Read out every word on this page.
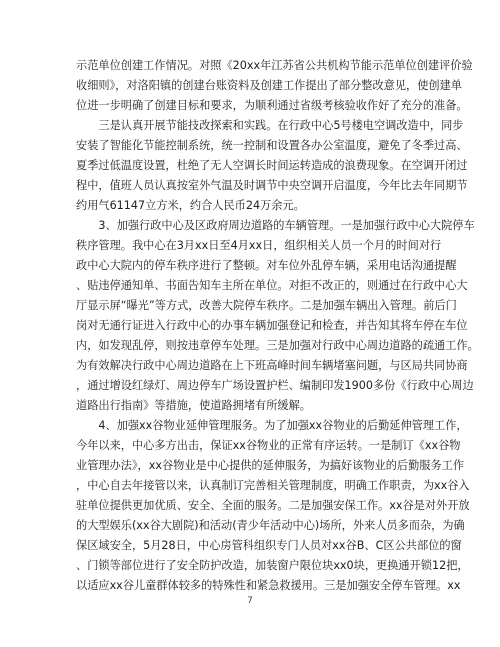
示范单位创建工作情况。对照《20xx年江苏省公共机构节能示范单位创建评价验
收细则》，对洛阳镇的创建台账资料及创建工作提出了部分整改意见，使创建单
位进一步明确了创建目标和要求，为顺利通过省级考核验收作好了充分的准备。
　　三是认真开展节能技改探索和实践。在行政中心5号楼电空调改造中，同步
安装了智能化节能控制系统，统一控制和设置各办公室温度，避免了冬季过高、
夏季过低温度设置，杜绝了无人空调长时间运转造成的浪费现象。在空调开闭过
程中，值班人员认真按室外气温及时调节中央空调开启温度，今年比去年同期节
约用气61147立方米，约合人民币24万余元。
　　3、加强行政中心及区政府周边道路的车辆管理。一是加强行政中心大院停车
秩序管理。我中心在3月xx日至4月xx日，组织相关人员一个月的时间对行
政中心大院内的停车秩序进行了整顿。对车位外乱停车辆，采用电话沟通提醒
、贴违停通知单、书面告知车主所在单位。对拒不改正的，则通过在行政中心大
厅显示屏“曝光”等方式，改善大院停车秩序。二是加强车辆出入管理。前后门
岗对无通行证进入行政中心的办事车辆加强登记和检查，并告知其将车停在车位
内，如发现乱停，则按违章停车处理。三是加强对行政中心周边道路的疏通工作。
为有效解决行政中心周边道路在上下班高峰时间车辆堵塞问题，与区局共同协商
，通过增设红绿灯、周边停车广场设置护栏、编制印发1900多份《行政中心周边
道路出行指南》等措施，使道路拥堵有所缓解。
　　4、加强xx谷物业延伸管理服务。为了加强xx谷物业的后勤延伸管理工作，
今年以来，中心多方出击，保证xx谷物业的正常有序运转。一是制订《xx谷物
业管理办法》，xx谷物业是中心提供的延伸服务，为搞好该物业的后勤服务工作
，中心自去年接管以来，认真制订完善相关管理制度，明确工作职责，为xx谷入
驻单位提供更加优质、安全、全面的服务。二是加强安保工作。xx谷是对外开放
的大型娱乐(xx谷大剧院)和活动(青少年活动中心)场所，外来人员多而杂，为确
保区域安全，5月28日，中心房管科组织专门人员对xx谷B、C区公共部位的窗
、门锁等部位进行了安全防护改造，加装窗户限位块xx0块，更换通开锁12把，
以适应xx谷儿童群体较多的特殊性和紧急救援用。三是加强安全停车管理。xx
7
